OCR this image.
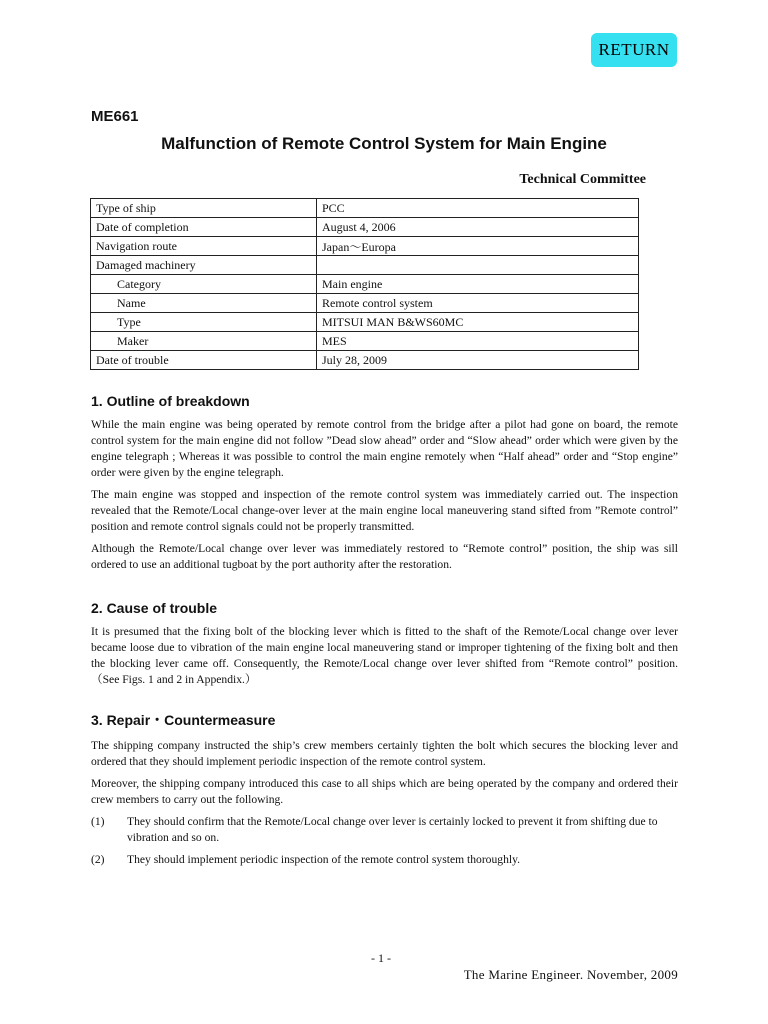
RETURN
ME661
Malfunction of Remote Control System for Main Engine
Technical Committee
Type of ship	PCC
Date of completion	August 4, 2006
Navigation route	Japan～Europa
Damaged machinery	
Category	Main engine
Name	Remote control system
Type	MITSUI MAN B&WS60MC
Maker	MES
Date of trouble	July 28, 2009
1. Outline of breakdown

While the main engine was being operated by remote control from the bridge after a pilot had gone on board, the remote control system for the main engine did not follow ”Dead slow ahead” order and “Slow ahead” order which were given by the engine telegraph ; Whereas it was possible to control the main engine remotely when “Half ahead” order and “Stop engine” order were given by the engine telegraph.

The main engine was stopped and inspection of the remote control system was immediately carried out. The inspection revealed that the Remote/Local change-over lever at the main engine local maneuvering stand sifted from ”Remote control” position and remote control signals could not be properly transmitted.

Although the Remote/Local change over lever was immediately restored to “Remote control” position, the ship was sill ordered to use an additional tugboat by the port authority after the restoration.

2. Cause of trouble

It is presumed that the fixing bolt of the blocking lever which is fitted to the shaft of the Remote/Local change over lever became loose due to vibration of the main engine local maneuvering stand or improper tightening of the fixing bolt and then the blocking lever came off. Consequently, the Remote/Local change over lever shifted from “Remote control” position. （See Figs. 1 and 2 in Appendix.）

3. Repair・Countermeasure

The shipping company instructed the ship’s crew members certainly tighten the bolt which secures the blocking lever and ordered that they should implement periodic inspection of the remote control system.

Moreover, the shipping company introduced this case to all ships which are being operated by the company and ordered their crew members to carry out the following.

(1)	They should confirm that the Remote/Local change over lever is certainly locked to prevent it from shifting due to vibration and so on.
(2)	They should implement periodic inspection of the remote control system thoroughly.
- 1 -
The Marine Engineer. November, 2009
